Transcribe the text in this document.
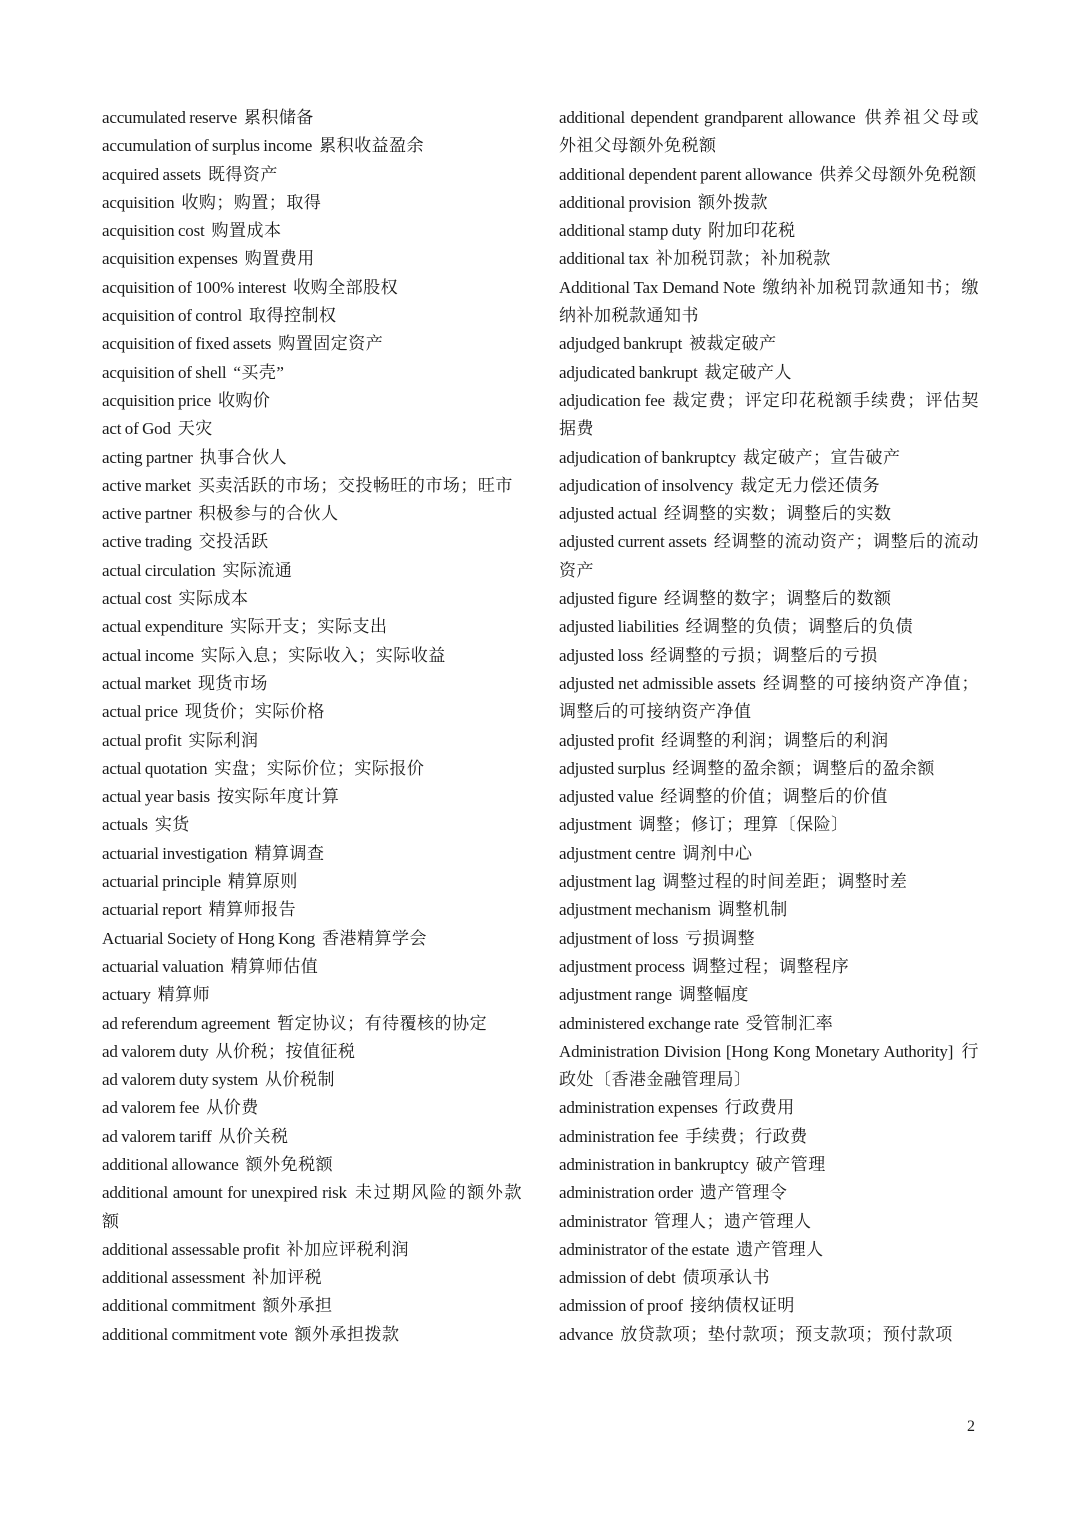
accumulated reserve 累积储备
accumulation of surplus income 累积收益盈余
acquired assets 既得资产
acquisition 收购；购置；取得
acquisition cost 购置成本
acquisition expenses 购置费用
acquisition of 100% interest 收购全部股权
acquisition of control 取得控制权
acquisition of fixed assets 购置固定资产
acquisition of shell “买壳”
acquisition price 收购价
act of God 天灾
acting partner 执事合伙人
active market 买卖活跃的市场；交投畅旺的市场；旺市
active partner 积极参与的合伙人
active trading 交投活跃
actual circulation 实际流通
actual cost 实际成本
actual expenditure 实际开支；实际支出
actual income 实际入息；实际收入；实际收益
actual market 现货市场
actual price 现货价；实际价格
actual profit 实际利润
actual quotation 实盘；实际价位；实际报价
actual year basis 按实际年度计算
actuals 实货
actuarial investigation 精算调查
actuarial principle 精算原则
actuarial report 精算师报告
Actuarial Society of Hong Kong 香港精算学会
actuarial valuation 精算师估值
actuary 精算师
ad referendum agreement 暂定协议；有待覆核的协定
ad valorem duty 从价税；按值征税
ad valorem duty system 从价税制
ad valorem fee 从价费
ad valorem tariff 从价关税
additional allowance 额外免税额
additional amount for unexpired risk 未过期风险的额外款额
additional assessable profit 补加应评税利润
additional assessment 补加评税
additional commitment 额外承担
additional commitment vote 额外承担拨款
additional dependent grandparent allowance 供养祖父母或外祖父母额外免税额
additional dependent parent allowance 供养父母额外免税额
additional provision 额外拨款
additional stamp duty 附加印花税
additional tax 补加税罚款；补加税款
Additional Tax Demand Note 缴纳补加税罚款通知书；缴纳补加税款通知书
adjudged bankrupt 被裁定破产
adjudicated bankrupt 裁定破产人
adjudication fee 裁定费；评定印花税额手续费；评估契据费
adjudication of bankruptcy 裁定破产；宣告破产
adjudication of insolvency 裁定无力偿还债务
adjusted actual 经调整的实数；调整后的实数
adjusted current assets 经调整的流动资产；调整后的流动资产
adjusted figure 经调整的数字；调整后的数额
adjusted liabilities 经调整的负债；调整后的负债
adjusted loss 经调整的亏损；调整后的亏损
adjusted net admissible assets 经调整的可接纳资产净值；调整后的可接纳资产净值
adjusted profit 经调整的利润；调整后的利润
adjusted surplus 经调整的盈余额；调整后的盈余额
adjusted value 经调整的价值；调整后的价值
adjustment 调整；修订；理算〔保险〕
adjustment centre 调剂中心
adjustment lag 调整过程的时间差距；调整时差
adjustment mechanism 调整机制
adjustment of loss 亏损调整
adjustment process 调整过程；调整程序
adjustment range 调整幅度
administered exchange rate 受管制汇率
Administration Division [Hong Kong Monetary Authority] 行政处〔香港金融管理局〕
administration expenses 行政费用
administration fee 手续费；行政费
administration in bankruptcy 破产管理
administration order 遗产管理令
administrator 管理人；遗产管理人
administrator of the estate 遗产管理人
admission of debt 债项承认书
admission of proof 接纳债权证明
advance 放贷款项；垫付款项；预支款项；预付款项
2
